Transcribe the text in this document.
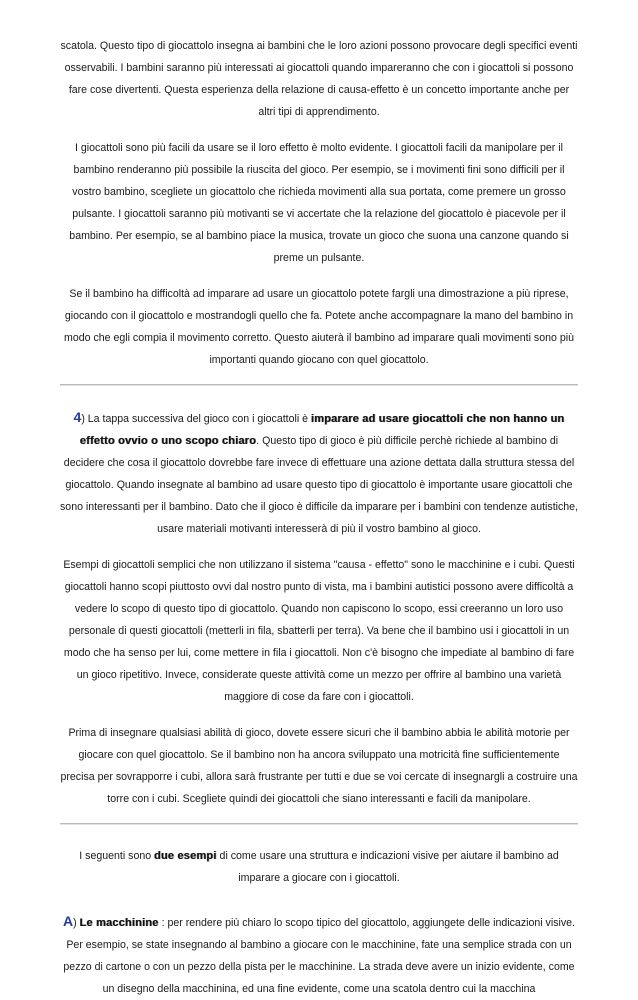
scatola. Questo tipo di giocattolo insegna ai bambini che le loro azioni possono provocare degli specifici eventi osservabili. I bambini saranno più interessati ai giocattoli quando impareranno che con i giocattoli si possono fare cose divertenti. Questa esperienza della relazione di causa-effetto è un concetto importante anche per altri tipi di apprendimento.

I giocattoli sono più facili da usare se il loro effetto è molto evidente. I giocattoli facili da manipolare per il bambino renderanno più possibile la riuscita del gioco. Per esempio, se i movimenti fini sono difficili per il vostro bambino, scegliete un giocattolo che richieda movimenti alla sua portata, come premere un grosso pulsante. I giocattoli saranno più motivanti se vi accertate che la relazione del giocattolo è piacevole per il bambino. Per esempio, se al bambino piace la musica, trovate un gioco che suona una canzone quando si preme un pulsante.

Se il bambino ha difficoltà ad imparare ad usare un giocattolo potete fargli una dimostrazione a più riprese, giocando con il giocattolo e mostrandogli quello che fa. Potete anche accompagnare la mano del bambino in modo che egli compia il movimento corretto. Questo aiuterà il bambino ad imparare quali movimenti sono più importanti quando giocano con quel giocattolo.

4) La tappa successiva del gioco con i giocattoli è imparare ad usare giocattoli che non hanno un effetto ovvio o uno scopo chiaro. Questo tipo di gioco è più difficile perchè richiede al bambino di decidere che cosa il giocattolo dovrebbe fare invece di effettuare una azione dettata dalla struttura stessa del giocattolo. Quando insegnate al bambino ad usare questo tipo di giocattolo è importante usare giocattoli che sono interessanti per il bambino. Dato che il gioco è difficile da imparare per i bambini con tendenze autistiche, usare materiali motivanti interesserà di più il vostro bambino al gioco.

Esempi di giocattoli semplici che non utilizzano il sistema "causa - effetto" sono le macchinine e i cubi. Questi giocattoli hanno scopi piuttosto ovvi dal nostro punto di vista, ma i bambini autistici possono avere difficoltà a vedere lo scopo di questo tipo di giocattolo. Quando non capiscono lo scopo, essi creeranno un loro uso personale di questi giocattoli (metterli in fila, sbatterli per terra). Va bene che il bambino usi i giocattoli in un modo che ha senso per lui, come mettere in fila i giocattoli. Non c'è bisogno che impediate al bambino di fare un gioco ripetitivo. Invece, considerate queste attività come un mezzo per offrire al bambino una varietà maggiore di cose da fare con i giocattoli.

Prima di insegnare qualsiasi abilità di gioco, dovete essere sicuri che il bambino abbia le abilità motorie per giocare con quel giocattolo. Se il bambino non ha ancora sviluppato una motricità fine sufficientemente precisa per sovrapporre i cubi, allora sarà frustrante per tutti e due se voi cercate di insegnargli a costruire una torre con i cubi. Scegliete quindi dei giocattoli che siano interessanti e facili da manipolare.

I seguenti sono due esempi di come usare una struttura e indicazioni visive per aiutare il bambino ad imparare a giocare con i giocattoli.

A) Le macchinine : per rendere più chiaro lo scopo tipico del giocattolo, aggiungete delle indicazioni visive. Per esempio, se state insegnando al bambino a giocare con le macchinine, fate una semplice strada con un pezzo di cartone o con un pezzo della pista per le macchinine. La strada deve avere un inizio evidente, come un disegno della macchinina, ed una fine evidente, come una scatola dentro cui la macchina
